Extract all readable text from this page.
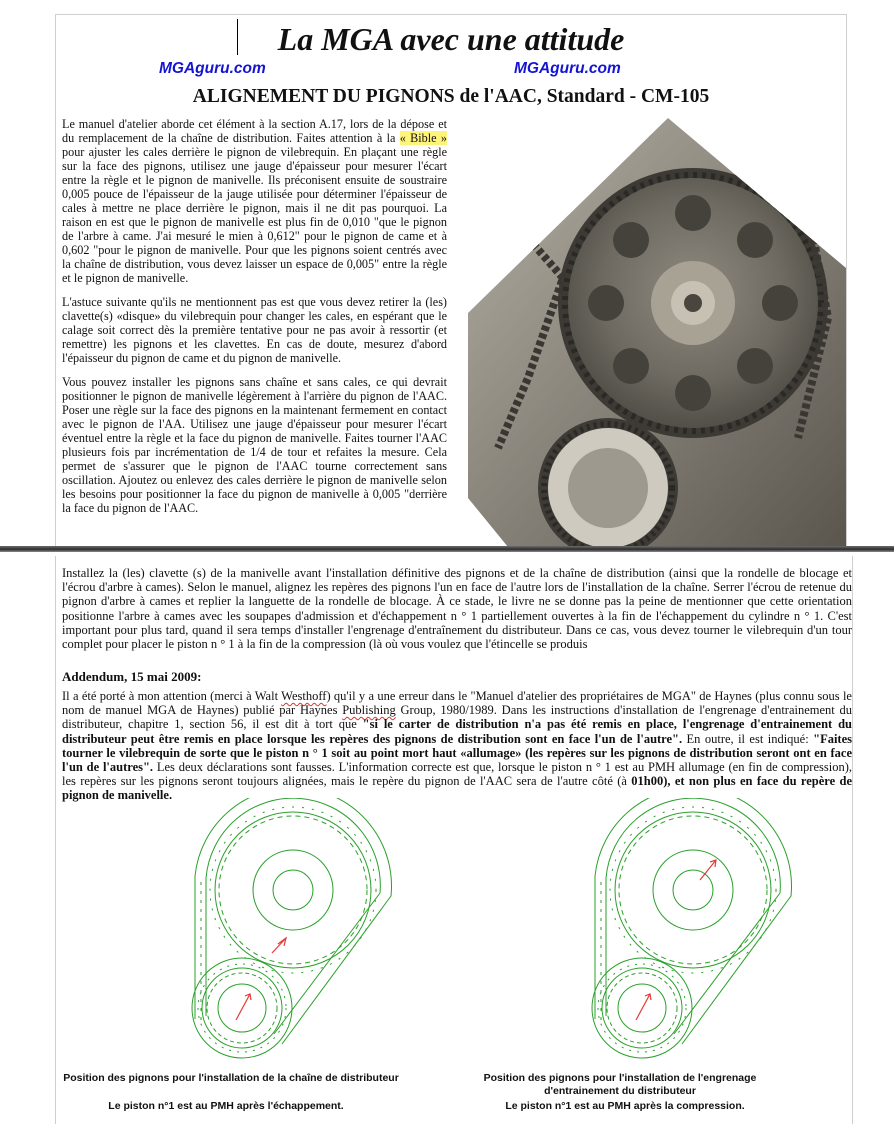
La MGA avec une attitude
MGAguru.com	MGAguru.com
ALIGNEMENT DU PIGNONS de l'AAC, Standard - CM-105

Le manuel d'atelier aborde cet élément à la section A.17, lors de la dépose et du remplacement de la chaîne de distribution. Faites attention à la « Bible » pour ajuster les cales derrière le pignon de vilebrequin. En plaçant une règle sur la face des pignons, utilisez une jauge d'épaisseur pour mesurer l'écart entre la règle et le pignon de manivelle. Ils préconisent ensuite de soustraire 0,005 pouce de l'épaisseur de la jauge utilisée pour déterminer l'épaisseur de cales à mettre ne place derrière le pignon, mais il ne dit pas pourquoi. La raison en est que le pignon de manivelle est plus fin de 0,010 "que le pignon de l'arbre à came. J'ai mesuré le mien à 0,612" pour le pignon de came et à 0,602 "pour le pignon de manivelle. Pour que les pignons soient centrés avec la chaîne de distribution, vous devez laisser un espace de 0,005" entre la règle et le pignon de manivelle.

L'astuce suivante qu'ils ne mentionnent pas est que vous devez retirer la (les) clavette(s) «disque» du vilebrequin pour changer les cales, en espérant que le calage soit correct dès la première tentative pour ne pas avoir à ressortir (et remettre) les pignons et les clavettes. En cas de doute, mesurez d'abord l'épaisseur du pignon de came et du pignon de manivelle.

Vous pouvez installer les pignons sans chaîne et sans cales, ce qui devrait positionner le pignon de manivelle légèrement à l'arrière du pignon de l'AAC. Poser une règle sur la face des pignons en la maintenant fermement en contact avec le pignon de l'AA. Utilisez une jauge d'épaisseur pour mesurer l'écart éventuel entre la règle et la face du pignon de manivelle. Faites tourner l'AAC plusieurs fois par incrémentation de 1/4 de tour et refaites la mesure. Cela permet de s'assurer que le pignon de l'AAC tourne correctement sans oscillation. Ajoutez ou enlevez des cales derrière le pignon de manivelle selon les besoins pour positionner la face du pignon de manivelle à 0,005 "derrière la face du pignon de l'AAC.

Installez la (les) clavette (s) de la manivelle avant l'installation définitive des pignons et de la chaîne de distribution (ainsi que la rondelle de blocage et l'écrou d'arbre à cames). Selon le manuel, alignez les repères des pignons l'un en face de l'autre lors de l'installation de la chaîne. Serrer l'écrou de retenue du pignon d'arbre à cames et replier la languette de la rondelle de blocage. À ce stade, le livre ne se donne pas la peine de mentionner que cette orientation positionne l'arbre à cames avec les soupapes d'admission et d'échappement n ° 1 partiellement ouvertes à la fin de l'échappement du cylindre n ° 1. C'est important pour plus tard, quand il sera temps d'installer l'engrenage d'entraînement du distributeur. Dans ce cas, vous devez tourner le vilebrequin d'un tour complet pour placer le piston n ° 1 à la fin de la compression (là où vous voulez que l'étincelle se produis
Addendum, 15 mai 2009:

Il a été porté à mon attention (merci à Walt Westhoff) qu'il y a une erreur dans le "Manuel d'atelier des propriétaires de MGA" de Haynes (plus connu sous le nom de manuel MGA de Haynes) publié par Haynes Publishing Group, 1980/1989. Dans les instructions d'installation de l'engrenage d'entrainement du distributeur, chapitre 1, section 56, il est dit à tort que "si le carter de distribution n'a pas été remis en place, l'engrenage d'entrainement du distributeur peut être remis en place lorsque les repères des pignons de distribution sont en face l'un de l'autre". En outre, il est indiqué: "Faites tourner le vilebrequin de sorte que le piston n ° 1 soit au point mort haut «allumage» (les repères sur les pignons de distribution seront ont en face l'un de l'autres". Les deux déclarations sont fausses. L'information correcte est que, lorsque le piston n ° 1 est au PMH allumage (en fin de compression), les repères sur les pignons seront toujours alignées, mais le repère du pignon de l'AAC sera de l'autre côté (à 01h00), et non plus en face du repère de pignon de manivelle.

Position des pignons pour l'installation de la chaîne de distributeur
Le piston n°1 est au PMH après l'échappement.
Position des pignons pour l'installation de l'engrenage d'entrainement du distributeur
Le piston n°1 est au PMH après la compression.
